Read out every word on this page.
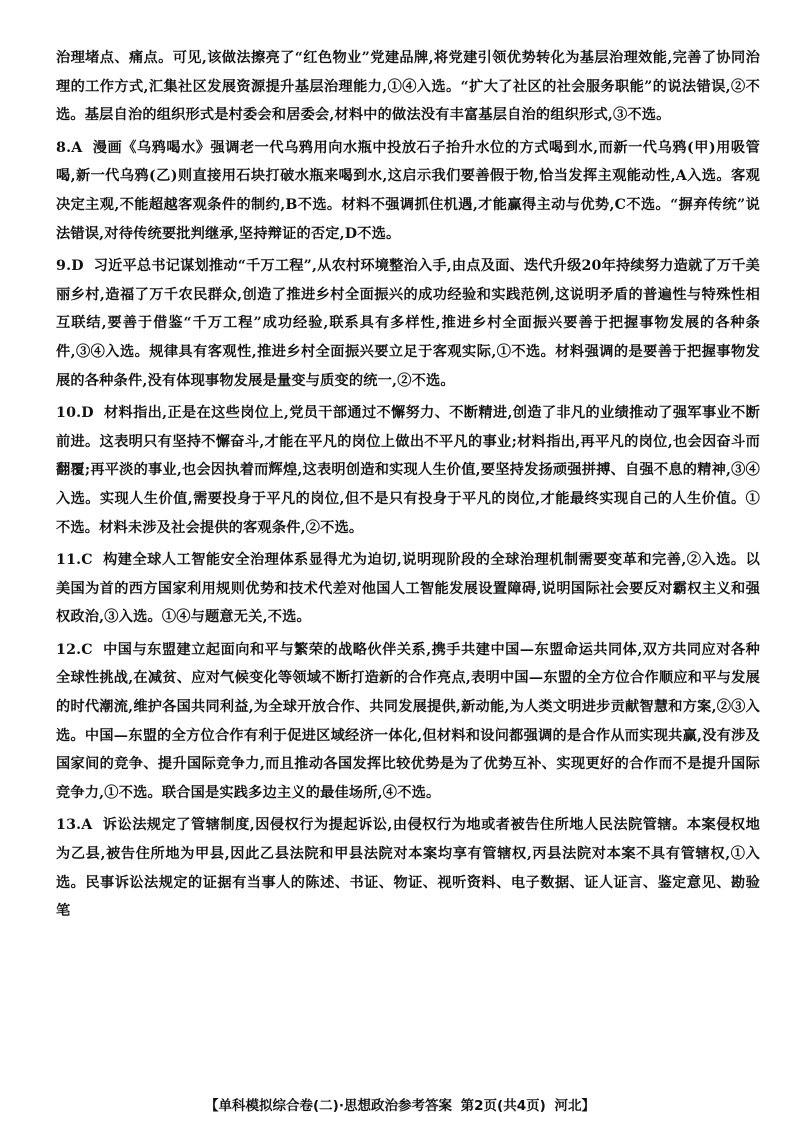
治理堵点、痛点。可见,该做法擦亮了“红色物业”党建品牌,将党建引领优势转化为基层治理效能,完善了协同治理的工作方式,汇集社区发展资源提升基层治理能力,①④入选。“扩大了社区的社会服务职能”的说法错误,②不选。基层自治的组织形式是村委会和居委会,材料中的做法没有丰富基层自治的组织形式,③不选。

8.A 漫画《乌鸦喝水》强调老一代乌鸦用向水瓶中投放石子抬升水位的方式喝到水,而新一代乌鸦(甲)用吸管喝,新一代乌鸦(乙)则直接用石块打破水瓶来喝到水,这启示我们要善假于物,恰当发挥主观能动性,A入选。客观决定主观,不能超越客观条件的制约,B不选。材料不强调抓住机遇,才能赢得主动与优势,C不选。“摒弃传统”说法错误,对待传统要批判继承,坚持辩证的否定,D不选。
9.D 习近平总书记谋划推动“千万工程”,从农村环境整治入手,由点及面、迭代升级20年持续努力造就了万千美丽乡村,造福了万千农民群众,创造了推进乡村全面振兴的成功经验和实践范例,这说明矛盾的普遍性与特殊性相互联结,要善于借鉴“千万工程”成功经验,联系具有多样性,推进乡村全面振兴要善于把握事物发展的各种条件,③④入选。规律具有客观性,推进乡村全面振兴要立足于客观实际,①不选。材料强调的是要善于把握事物发展的各种条件,没有体现事物发展是量变与质变的统一,②不选。
10.D 材料指出,正是在这些岗位上,党员干部通过不懈努力、不断精进,创造了非凡的业绩推动了强军事业不断前进。这表明只有坚持不懈奋斗,才能在平凡的岗位上做出不平凡的事业;材料指出,再平凡的岗位,也会因奋斗而翻覆;再平淡的事业,也会因执着而辉煌,这表明创造和实现人生价值,要坚持发扬顽强拼搏、自强不息的精神,③④入选。实现人生价值,需要投身于平凡的岗位,但不是只有投身于平凡的岗位,才能最终实现自己的人生价值。①不选。材料未涉及社会提供的客观条件,②不选。
11.C 构建全球人工智能安全治理体系显得尤为迫切,说明现阶段的全球治理机制需要变革和完善,②入选。以美国为首的西方国家利用规则优势和技术代差对他国人工智能发展设置障碍,说明国际社会要反对霸权主义和强权政治,③入选。①④与题意无关,不选。
12.C 中国与东盟建立起面向和平与繁荣的战略伙伴关系,携手共建中国—东盟命运共同体,双方共同应对各种全球性挑战,在减贫、应对气候变化等领域不断打造新的合作亮点,表明中国—东盟的全方位合作顺应和平与发展的时代潮流,维护各国共同利益,为全球开放合作、共同发展提供,新动能,为人类文明进步贡献智慧和方案,②③入选。中国—东盟的全方位合作有利于促进区域经济一体化,但材料和设问都强调的是合作从而实现共赢,没有涉及国家间的竞争、提升国际竞争力,而且推动各国发挥比较优势是为了优势互补、实现更好的合作而不是提升国际竞争力,①不选。联合国是实践多边主义的最佳场所,④不选。
13.A 诉讼法规定了管辖制度,因侵权行为提起诉讼,由侵权行为地或者被告住所地人民法院管辖。本案侵权地为乙县,被告住所地为甲县,因此乙县法院和甲县法院对本案均享有管辖权,丙县法院对本案不具有管辖权,①入选。民事诉讼法规定的证据有当事人的陈述、书证、物证、视听资料、电子数据、证人证言、鉴定意见、勘验笔
【单科模拟综合卷(二)·思想政治参考答案 第2页(共4页) 河北】
